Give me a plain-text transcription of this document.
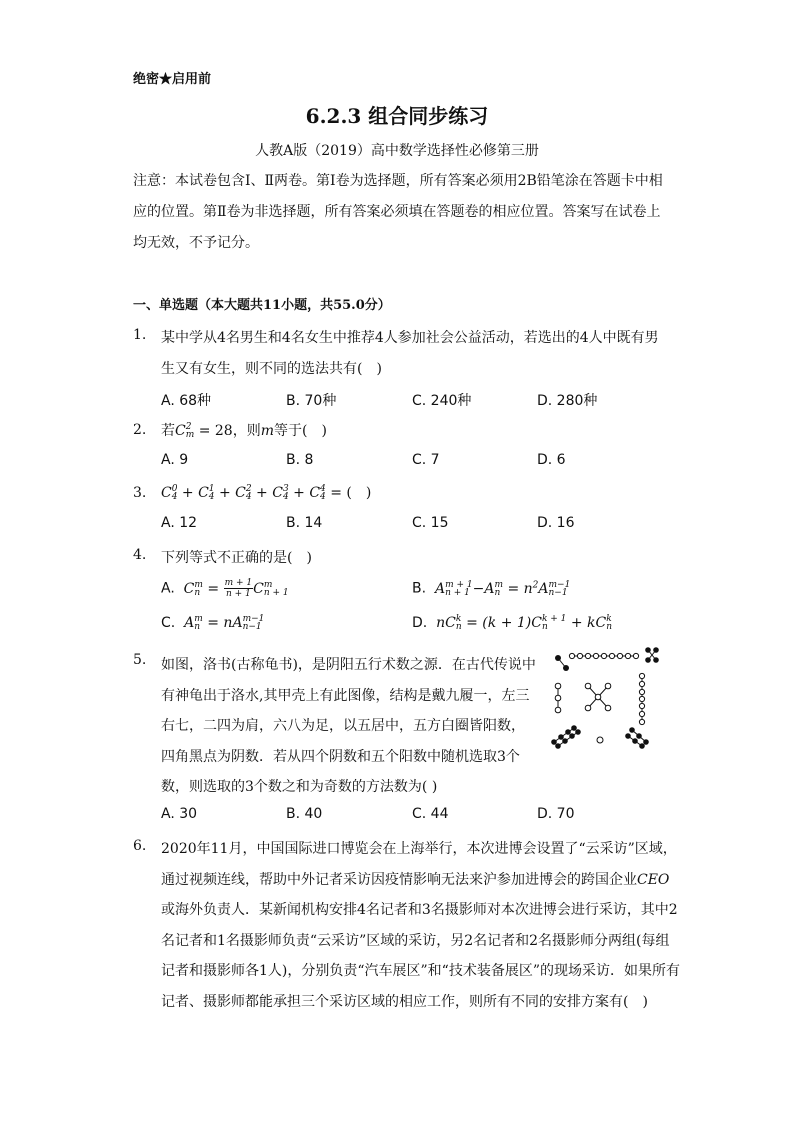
绝密★启用前
6.2.3 组合同步练习
人教A版（2019）高中数学选择性必修第三册
注意：本试卷包含Ⅰ、Ⅱ两卷。第Ⅰ卷为选择题，所有答案必须用2B铅笔涂在答题卡中相应的位置。第Ⅱ卷为非选择题，所有答案必须填在答题卷的相应位置。答案写在试卷上均无效，不予记分。
一、单选题（本大题共11小题，共55.0分）
1. 某中学从4名男生和4名女生中推荐4人参加社会公益活动，若选出的4人中既有男
生又有女生，则不同的选法共有(　)
A. 68种	B. 70种	C. 240种	D. 280种
2. 若C 2
m = 28，则m等于(　)
A. 9	B. 8	C. 7	D. 6
3. C 0
4 + C 1
4 + C 2
4 + C 3
4 + C 4
4 = (　)
A. 12	B. 14	C. 15	D. 16
4. 下列等式不正确的是(　)
A.  C m
$n = \frac{m + 1}{n + 1}$ C m
n + 1	B.  A m + 1
n + 1 −A m
$n = n^2A$ m−1
n−1
C.  A m
n = nA m−1
n−1	D.  nC k
n = (k + 1)C k + 1
n	+ kC k
n
5. 如图，洛书(古称龟书)，是阴阳五行术数之源．在古代传说中有神龟出于洛水,其甲壳上有此图像，结构是戴九履一，左三右七，二四为肩，六八为足，以五居中，五方白圈皆阳数，四角黑点为阴数．若从四个阴数和五个阳数中随机选取3个数，则选取的3个数之和为奇数的方法数为( )
A. 30	B. 40	C. 44	D. 70
6. 2020年11月，中国国际进口博览会在上海举行，本次进博会设置了“云采访”区域，通过视频连线，帮助中外记者采访因疫情影响无法来沪参加进博会的跨国企业CEO或海外负责人．某新闻机构安排4名记者和3名摄影师对本次进博会进行采访，其中2名记者和1名摄影师负责“云采访”区域的采访，另2名记者和2名摄影师分两组(每组记者和摄影师各1人)，分别负责“汽车展区”和“技术装备展区”的现场采访．如果所有记者、摄影师都能承担三个采访区域的相应工作，则所有不同的安排方案有(　)
